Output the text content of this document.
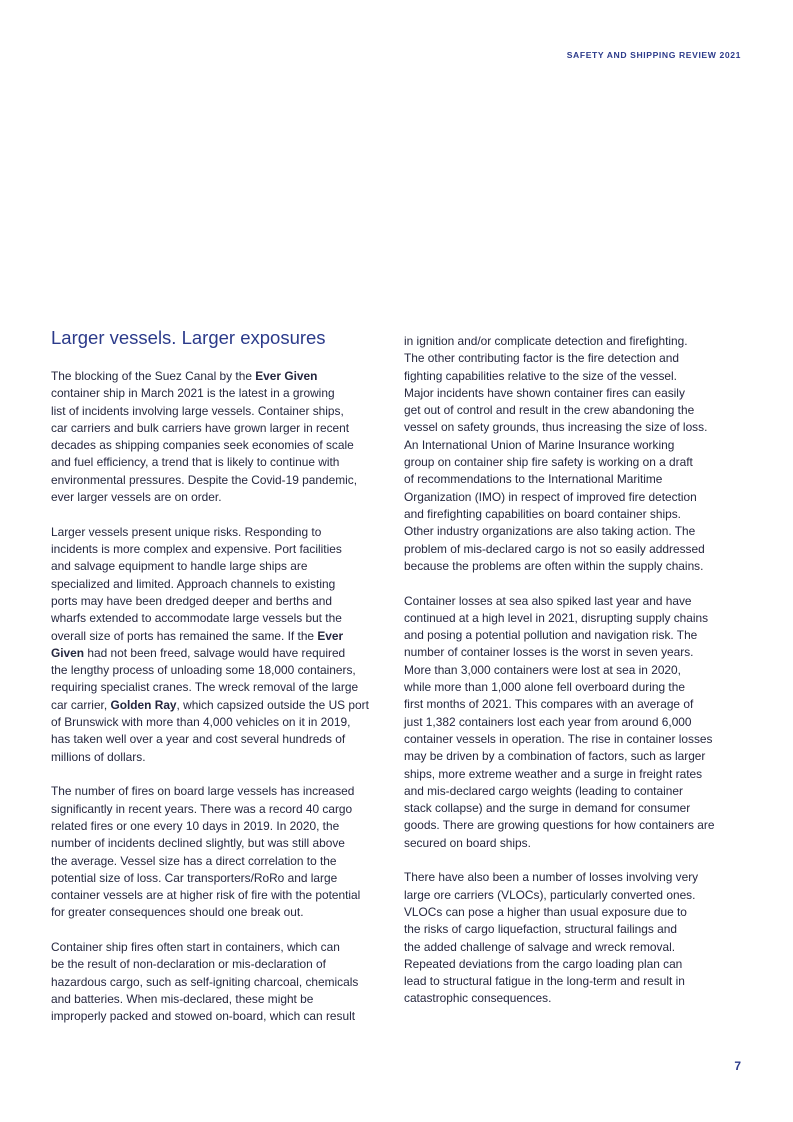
SAFETY AND SHIPPING REVIEW 2021
Larger vessels. Larger exposures

The blocking of the Suez Canal by the Ever Given
container ship in March 2021 is the latest in a growing
list of incidents involving large vessels. Container ships,
car carriers and bulk carriers have grown larger in recent
decades as shipping companies seek economies of scale
and fuel efficiency, a trend that is likely to continue with
environmental pressures. Despite the Covid-19 pandemic,
ever larger vessels are on order.

Larger vessels present unique risks. Responding to
incidents is more complex and expensive. Port facilities
and salvage equipment to handle large ships are
specialized and limited. Approach channels to existing
ports may have been dredged deeper and berths and
wharfs extended to accommodate large vessels but the
overall size of ports has remained the same. If the Ever
Given had not been freed, salvage would have required
the lengthy process of unloading some 18,000 containers,
requiring specialist cranes. The wreck removal of the large
car carrier, Golden Ray, which capsized outside the US port
of Brunswick with more than 4,000 vehicles on it in 2019,
has taken well over a year and cost several hundreds of
millions of dollars.

The number of fires on board large vessels has increased
significantly in recent years. There was a record 40 cargo
related fires or one every 10 days in 2019. In 2020, the
number of incidents declined slightly, but was still above
the average. Vessel size has a direct correlation to the
potential size of loss. Car transporters/RoRo and large
container vessels are at higher risk of fire with the potential
for greater consequences should one break out.

Container ship fires often start in containers, which can
be the result of non-declaration or mis-declaration of
hazardous cargo, such as self-igniting charcoal, chemicals
and batteries. When mis-declared, these might be
improperly packed and stowed on-board, which can result

in ignition and/or complicate detection and firefighting.
The other contributing factor is the fire detection and
fighting capabilities relative to the size of the vessel.
Major incidents have shown container fires can easily
get out of control and result in the crew abandoning the
vessel on safety grounds, thus increasing the size of loss.
An International Union of Marine Insurance working
group on container ship fire safety is working on a draft
of recommendations to the International Maritime
Organization (IMO) in respect of improved fire detection
and firefighting capabilities on board container ships.
Other industry organizations are also taking action. The
problem of mis-declared cargo is not so easily addressed
because the problems are often within the supply chains.

Container losses at sea also spiked last year and have
continued at a high level in 2021, disrupting supply chains
and posing a potential pollution and navigation risk. The
number of container losses is the worst in seven years.
More than 3,000 containers were lost at sea in 2020,
while more than 1,000 alone fell overboard during the
first months of 2021. This compares with an average of
just 1,382 containers lost each year from around 6,000
container vessels in operation. The rise in container losses
may be driven by a combination of factors, such as larger
ships, more extreme weather and a surge in freight rates
and mis-declared cargo weights (leading to container
stack collapse) and the surge in demand for consumer
goods. There are growing questions for how containers are
secured on board ships.

There have also been a number of losses involving very
large ore carriers (VLOCs), particularly converted ones.
VLOCs can pose a higher than usual exposure due to
the risks of cargo liquefaction, structural failings and
the added challenge of salvage and wreck removal.
Repeated deviations from the cargo loading plan can
lead to structural fatigue in the long-term and result in
catastrophic consequences.

7
